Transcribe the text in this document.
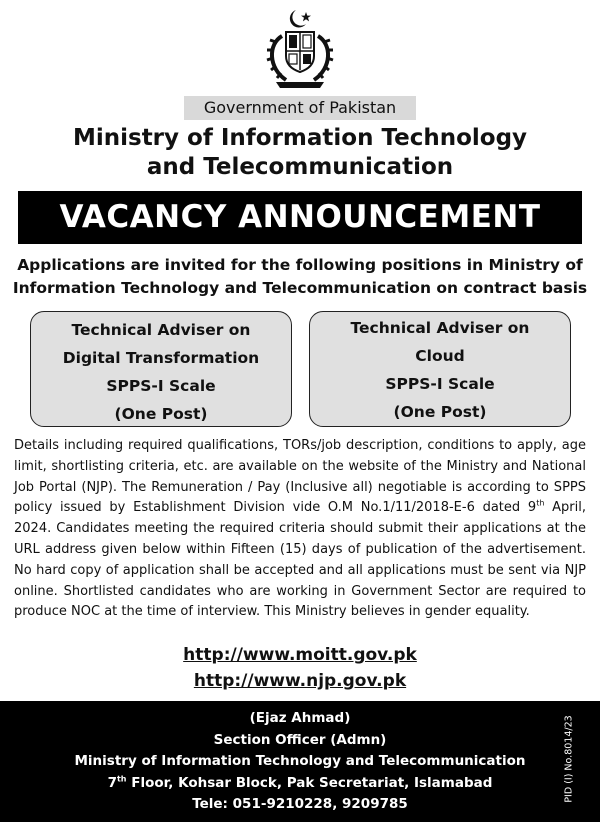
Government of Pakistan
Ministry of Information Technology
and Telecommunication
VACANCY ANNOUNCEMENT
Applications are invited for the following positions in Ministry of
Information Technology and Telecommunication on contract basis
Technical Adviser on
Digital Transformation
SPPS-I Scale
(One Post)
Technical Adviser on
Cloud
SPPS-I Scale
(One Post)

Details including required qualifications, TORs/job description, conditions to apply, age limit, shortlisting criteria, etc. are available on the website of the Ministry and National Job Portal (NJP). The Remuneration / Pay (Inclusive all) negotiable is according to SPPS policy issued by Establishment Division vide O.M No.1/11/2018-E-6 dated 9th April, 2024. Candidates meeting the required criteria should submit their applications at the URL address given below within Fifteen (15) days of publication of the advertisement. No hard copy of application shall be accepted and all applications must be sent via NJP online. Shortlisted candidates who are working in Government Sector are required to produce NOC at the time of interview. This Ministry believes in gender equality.

http://www.moitt.gov.pk
http://www.njp.gov.pk
(Ejaz Ahmad)
Section Officer (Admn)
Ministry of Information Technology and Telecommunication
7th Floor, Kohsar Block, Pak Secretariat, Islamabad
Tele: 051-9210228, 9209785
PID (I) No.8014/23
